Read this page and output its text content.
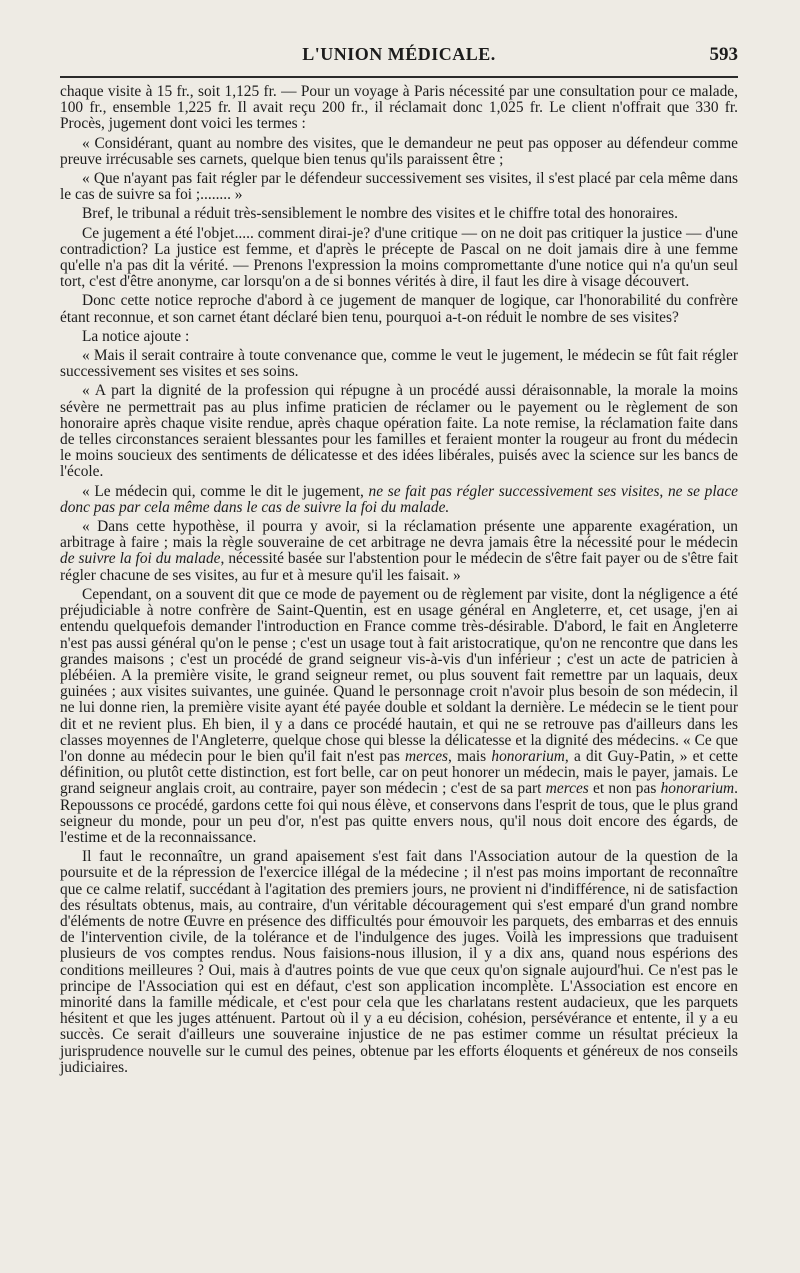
L'UNION MÉDICALE.	593

chaque visite à 15 fr., soit 1,125 fr. — Pour un voyage à Paris nécessité par une consultation pour ce malade, 100 fr., ensemble 1,225 fr. Il avait reçu 200 fr., il réclamait donc 1,025 fr. Le client n'offrait que 330 fr. Procès, jugement dont voici les termes :

« Considérant, quant au nombre des visites, que le demandeur ne peut pas opposer au défendeur comme preuve irrécusable ses carnets, quelque bien tenus qu'ils paraissent être ;

« Que n'ayant pas fait régler par le défendeur successivement ses visites, il s'est placé par cela même dans le cas de suivre sa foi ;........ »

Bref, le tribunal a réduit très-sensiblement le nombre des visites et le chiffre total des honoraires.

Ce jugement a été l'objet..... comment dirai-je? d'une critique — on ne doit pas critiquer la justice — d'une contradiction? La justice est femme, et d'après le précepte de Pascal on ne doit jamais dire à une femme qu'elle n'a pas dit la vérité. — Prenons l'expression la moins compromettante d'une notice qui n'a qu'un seul tort, c'est d'être anonyme, car lorsqu'on a de si bonnes vérités à dire, il faut les dire à visage découvert.

Donc cette notice reproche d'abord à ce jugement de manquer de logique, car l'honorabilité du confrère étant reconnue, et son carnet étant déclaré bien tenu, pourquoi a-t-on réduit le nombre de ses visites?

La notice ajoute :

« Mais il serait contraire à toute convenance que, comme le veut le jugement, le médecin se fût fait régler successivement ses visites et ses soins.

« A part la dignité de la profession qui répugne à un procédé aussi déraisonnable, la morale la moins sévère ne permettrait pas au plus infime praticien de réclamer ou le payement ou le règlement de son honoraire après chaque visite rendue, après chaque opération faite. La note remise, la réclamation faite dans de telles circonstances seraient blessantes pour les familles et feraient monter la rougeur au front du médecin le moins soucieux des sentiments de délicatesse et des idées libérales, puisés avec la science sur les bancs de l'école.

« Le médecin qui, comme le dit le jugement, ne se fait pas régler successivement ses visites, ne se place donc pas par cela même dans le cas de suivre la foi du malade.

« Dans cette hypothèse, il pourra y avoir, si la réclamation présente une apparente exagération, un arbitrage à faire ; mais la règle souveraine de cet arbitrage ne devra jamais être la nécessité pour le médecin de suivre la foi du malade, nécessité basée sur l'abstention pour le médecin de s'être fait payer ou de s'être fait régler chacune de ses visites, au fur et à mesure qu'il les faisait. »

Cependant, on a souvent dit que ce mode de payement ou de règlement par visite, dont la négligence a été préjudiciable à notre confrère de Saint-Quentin, est en usage général en Angleterre, et, cet usage, j'en ai entendu quelquefois demander l'introduction en France comme très-désirable. D'abord, le fait en Angleterre n'est pas aussi général qu'on le pense ; c'est un usage tout à fait aristocratique, qu'on ne rencontre que dans les grandes maisons ; c'est un procédé de grand seigneur vis-à-vis d'un inférieur ; c'est un acte de patricien à plébéien. A la première visite, le grand seigneur remet, ou plus souvent fait remettre par un laquais, deux guinées ; aux visites suivantes, une guinée. Quand le personnage croit n'avoir plus besoin de son médecin, il ne lui donne rien, la première visite ayant été payée double et soldant la dernière. Le médecin se le tient pour dit et ne revient plus. Eh bien, il y a dans ce procédé hautain, et qui ne se retrouve pas d'ailleurs dans les classes moyennes de l'Angleterre, quelque chose qui blesse la délicatesse et la dignité des médecins. « Ce que l'on donne au médecin pour le bien qu'il fait n'est pas merces, mais honorarium, a dit Guy-Patin, » et cette définition, ou plutôt cette distinction, est fort belle, car on peut honorer un médecin, mais le payer, jamais. Le grand seigneur anglais croit, au contraire, payer son médecin ; c'est de sa part merces et non pas honorarium. Repoussons ce procédé, gardons cette foi qui nous élève, et conservons dans l'esprit de tous, que le plus grand seigneur du monde, pour un peu d'or, n'est pas quitte envers nous, qu'il nous doit encore des égards, de l'estime et de la reconnaissance.

Il faut le reconnaître, un grand apaisement s'est fait dans l'Association autour de la question de la poursuite et de la répression de l'exercice illégal de la médecine ; il n'est pas moins important de reconnaître que ce calme relatif, succédant à l'agitation des premiers jours, ne provient ni d'indifférence, ni de satisfaction des résultats obtenus, mais, au contraire, d'un véritable découragement qui s'est emparé d'un grand nombre d'éléments de notre Œuvre en présence des difficultés pour émouvoir les parquets, des embarras et des ennuis de l'intervention civile, de la tolérance et de l'indulgence des juges. Voilà les impressions que traduisent plusieurs de vos comptes rendus. Nous faisions-nous illusion, il y a dix ans, quand nous espérions des conditions meilleures ? Oui, mais à d'autres points de vue que ceux qu'on signale aujourd'hui. Ce n'est pas le principe de l'Association qui est en défaut, c'est son application incomplète. L'Association est encore en minorité dans la famille médicale, et c'est pour cela que les charlatans restent audacieux, que les parquets hésitent et que les juges atténuent. Partout où il y a eu décision, cohésion, persévérance et entente, il y a eu succès. Ce serait d'ailleurs une souveraine injustice de ne pas estimer comme un résultat précieux la jurisprudence nouvelle sur le cumul des peines, obtenue par les efforts éloquents et généreux de nos conseils judiciaires.
